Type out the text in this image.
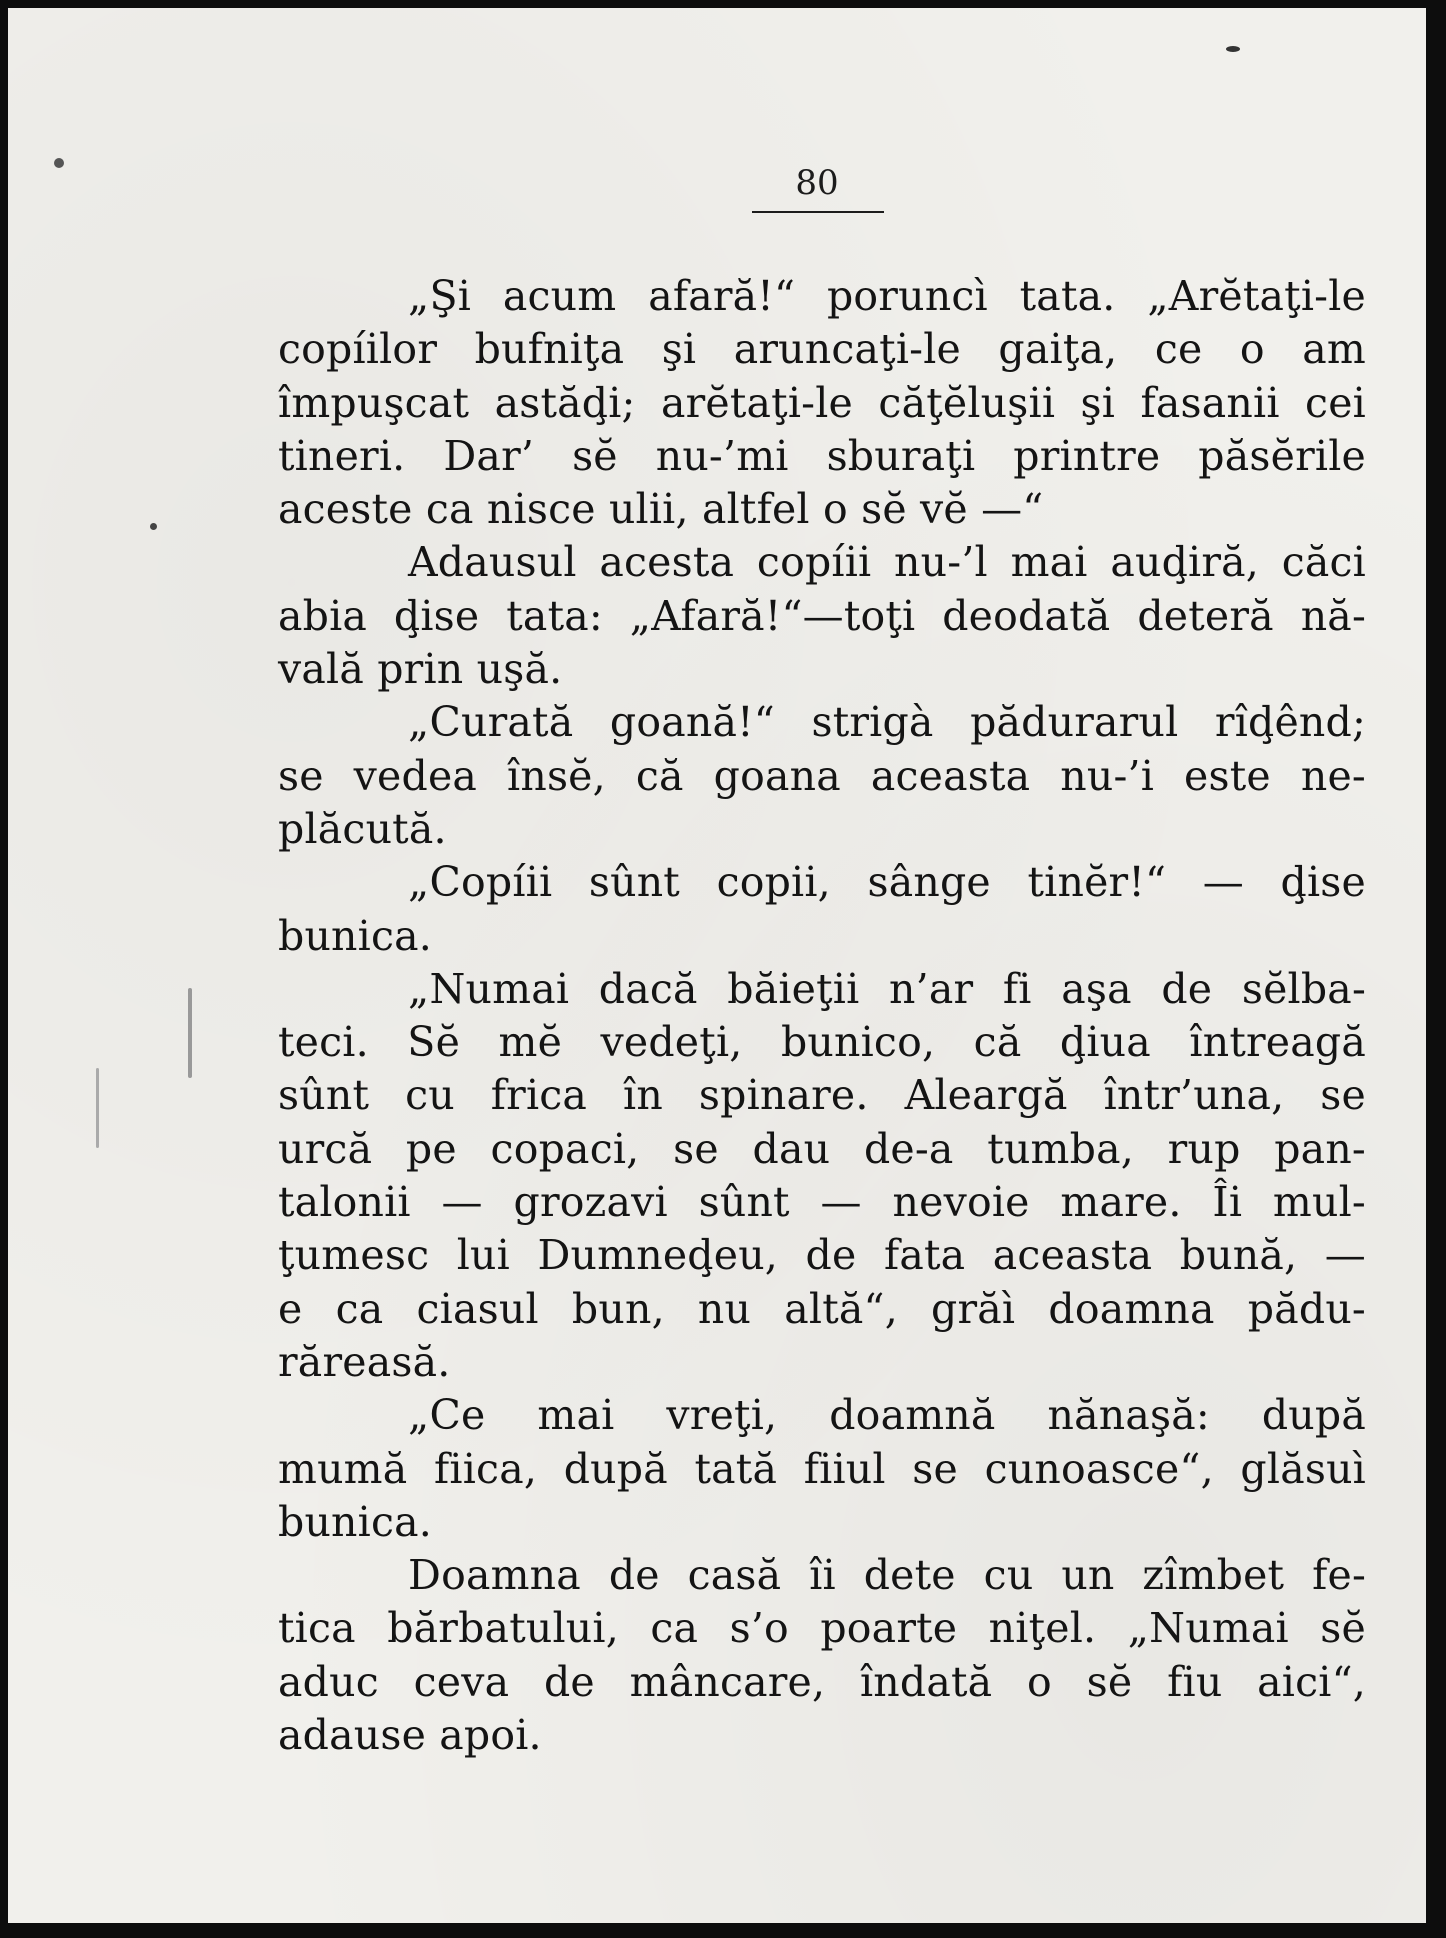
80
„Şi acum afară!“ poruncì tata. „Arĕtaţi-le
copíilor bufniţa şi aruncaţi-le gaiţa, ce o am
împuşcat astăḑi; arĕtaţi-le căţĕluşii şi fasanii cei
tineri. Dar’ sĕ nu-’mi sburaţi printre păsĕrile
aceste ca nisce ulii, altfel o sĕ vĕ —“
Adausul acesta copíii nu-’l mai auḑiră, căci
abia ḑise tata: „Afară!“—toţi deodată deteră nă-
vală prin uşă.
„Curată goană!“ strigà pădurarul rîḑênd;
se vedea însĕ, că goana aceasta nu-’i este ne-
plăcută.
„Copíii sûnt copii, sânge tinĕr!“ — ḑise
bunica.
„Numai dacă băieţii n’ar fi aşa de sĕlba-
teci. Sĕ mĕ vedeţi, bunico, că ḑiua întreagă
sûnt cu frica în spinare. Aleargă într’una, se
urcă pe copaci, se dau de-a tumba, rup pan-
talonii — grozavi sûnt — nevoie mare. Îi mul-
ţumesc lui Dumneḑeu, de fata aceasta bună, —
e ca ciasul bun, nu altă“, grăì doamna pădu-
răreasă.
„Ce mai vreţi, doamnă nănaşă: după
mumă fiica, după tată fiiul se cunoasce“, glăsuì
bunica.
Doamna de casă îi dete cu un zîmbet fe-
tica bărbatului, ca s’o poarte niţel. „Numai sĕ
aduc ceva de mâncare, îndată o sĕ fiu aici“,
adause apoi.
